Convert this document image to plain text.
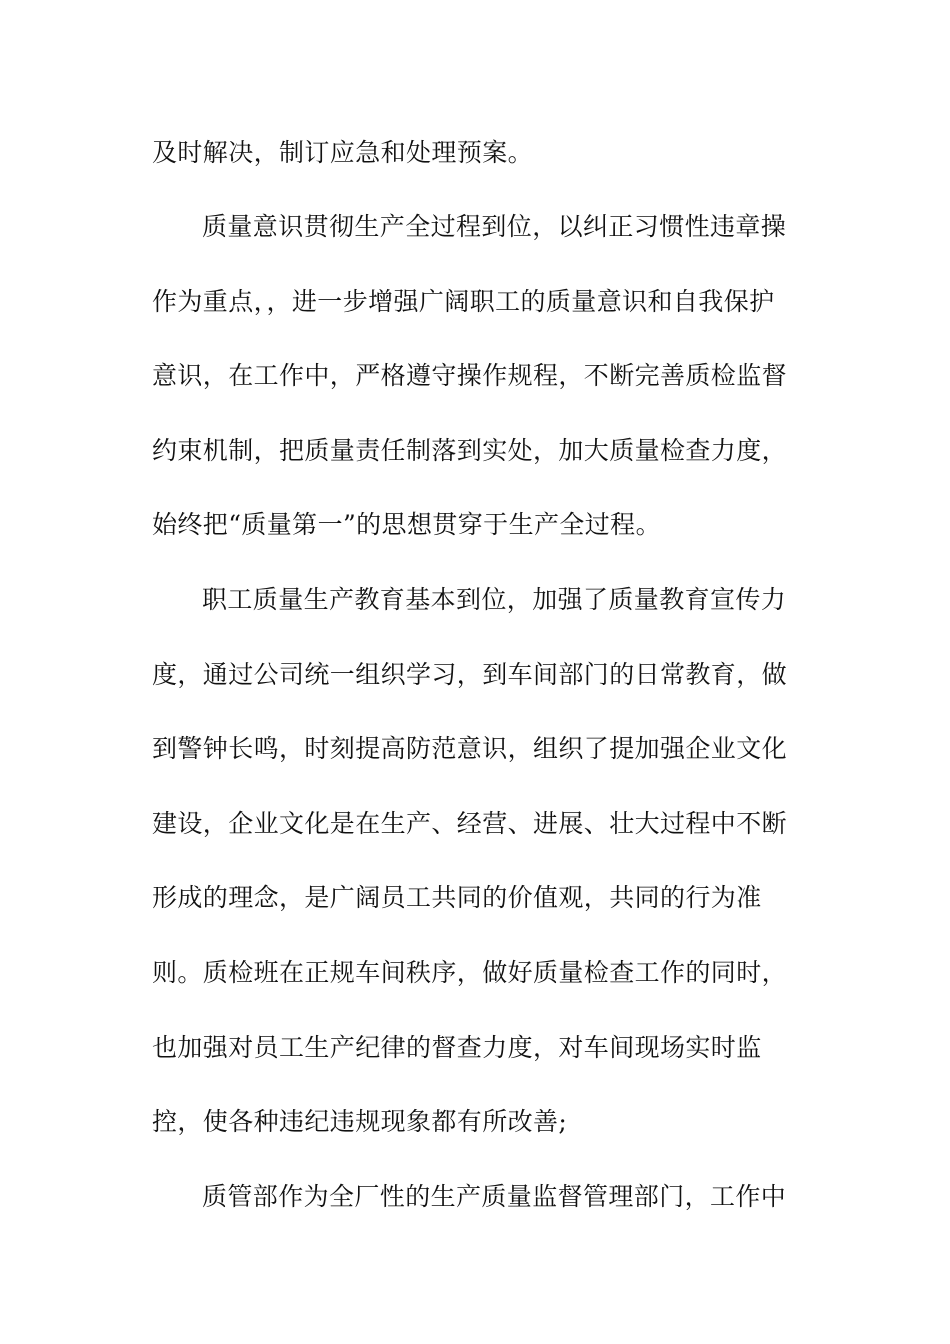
及时解决，制订应急和处理预案。
质量意识贯彻生产全过程到位，以纠正习惯性违章操
作为重点，，进一步增强广阔职工的质量意识和自我保护
意识，在工作中，严格遵守操作规程，不断完善质检监督
约束机制，把质量责任制落到实处，加大质量检查力度，
始终把“质量第一”的思想贯穿于生产全过程。
职工质量生产教育基本到位，加强了质量教育宣传力
度，通过公司统一组织学习，到车间部门的日常教育，做
到警钟长鸣，时刻提高防范意识，组织了提加强企业文化
建设，企业文化是在生产、经营、进展、壮大过程中不断
形成的理念，是广阔员工共同的价值观，共同的行为准
则。质检班在正规车间秩序，做好质量检查工作的同时，
也加强对员工生产纪律的督查力度，对车间现场实时监
控，使各种违纪违规现象都有所改善;
质管部作为全厂性的生产质量监督管理部门，工作中
